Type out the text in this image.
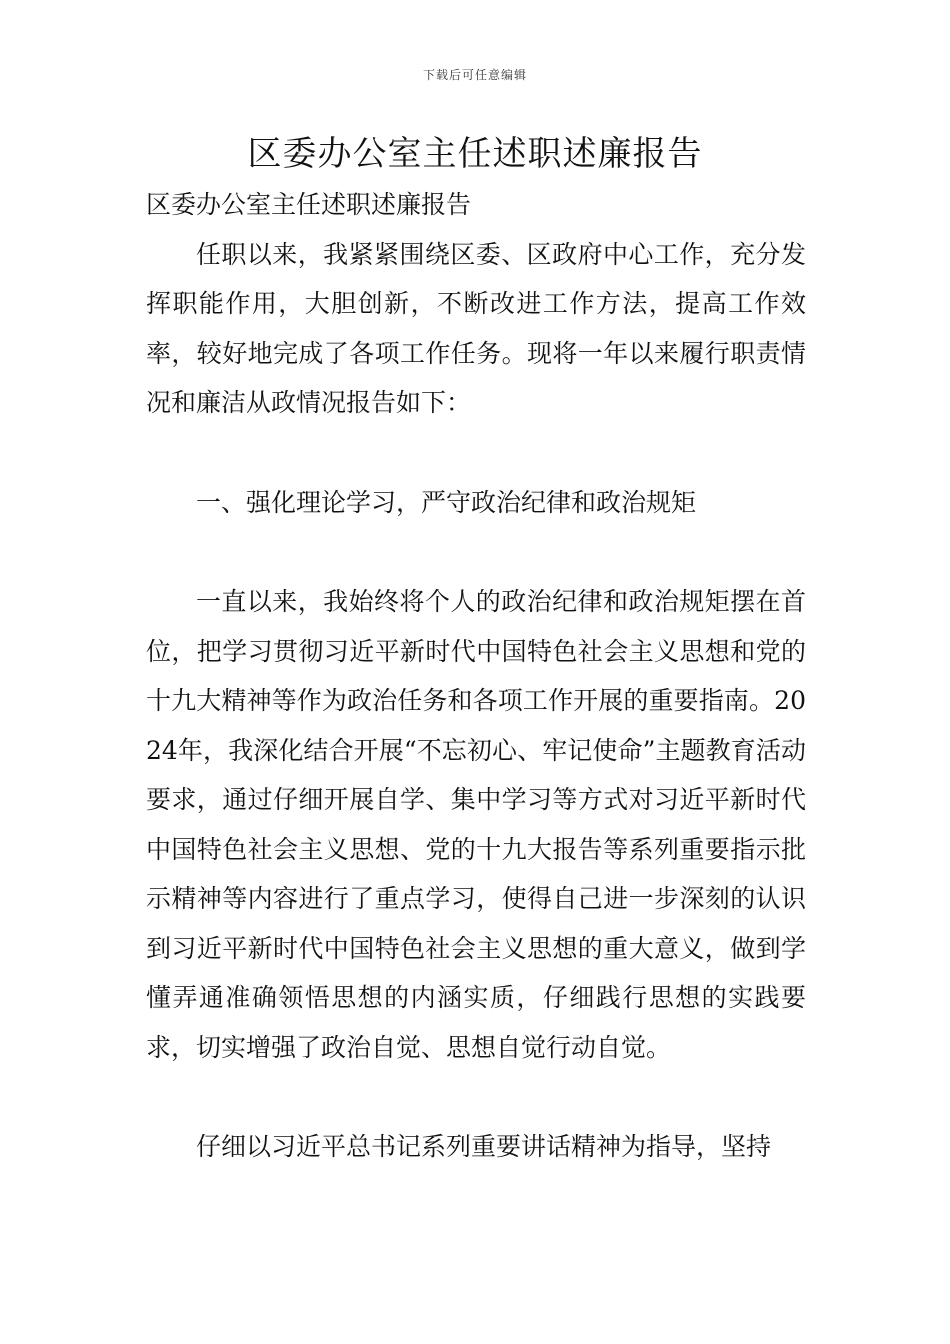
下载后可任意编辑
区委办公室主任述职述廉报告

区委办公室主任述职述廉报告

任职以来，我紧紧围绕区委、区政府中心工作，充分发挥职能作用，大胆创新，不断改进工作方法，提高工作效率，较好地完成了各项工作任务。现将一年以来履行职责情况和廉洁从政情况报告如下：

一、强化理论学习，严守政治纪律和政治规矩

一直以来，我始终将个人的政治纪律和政治规矩摆在首位，把学习贯彻习近平新时代中国特色社会主义思想和党的十九大精神等作为政治任务和各项工作开展的重要指南。2024年，我深化结合开展“不忘初心、牢记使命”主题教育活动要求，通过仔细开展自学、集中学习等方式对习近平新时代中国特色社会主义思想、党的十九大报告等系列重要指示批示精神等内容进行了重点学习，使得自己进一步深刻的认识到习近平新时代中国特色社会主义思想的重大意义，做到学懂弄通准确领悟思想的内涵实质，仔细践行思想的实践要求，切实增强了政治自觉、思想自觉行动自觉。

仔细以习近平总书记系列重要讲话精神为指导，坚持
